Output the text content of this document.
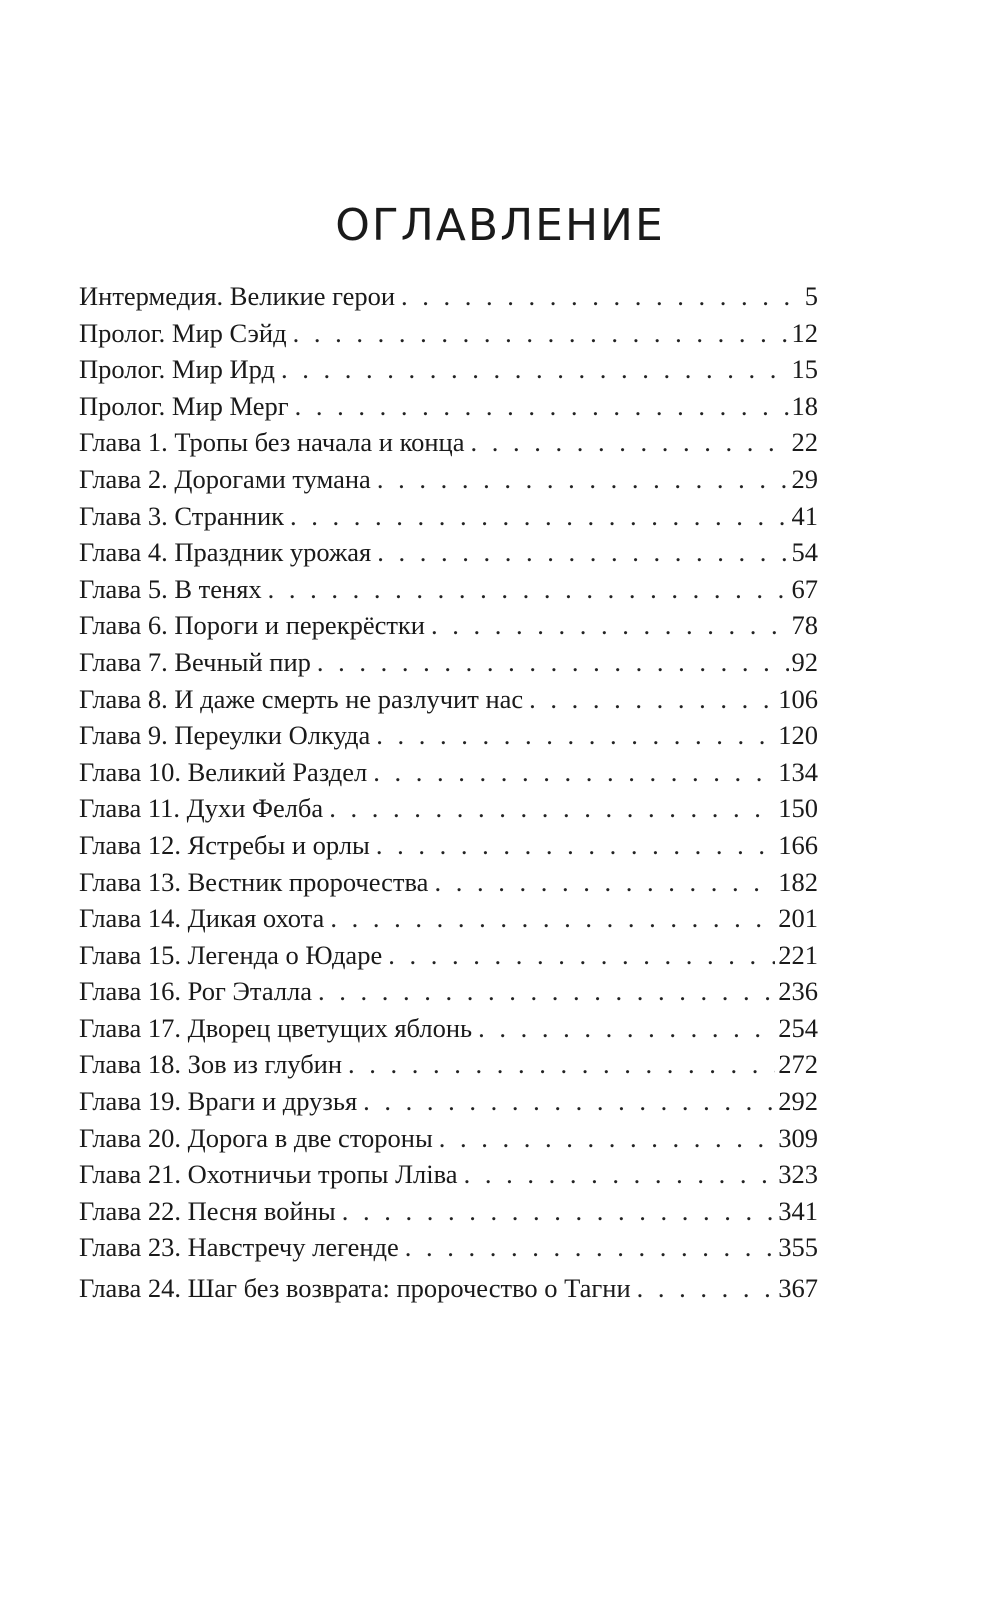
ОГЛАВЛЕНИЕ
Интермедия. Великие герои . . .	5
Пролог. Мир Сэйд . . .	12
Пролог. Мир Ирд . . .	15
Пролог. Мир Мерг . . .	18
Глава 1. Тропы без начала и конца . . .	22
Глава 2. Дорогами тумана . . .	29
Глава 3. Странник . . .	41
Глава 4. Праздник урожая . . .	54
Глава 5. В тенях . . .	67
Глава 6. Пороги и перекрёстки . . .	78
Глава 7. Вечный пир . . .	92
Глава 8. И даже смерть не разлучит нас . . .	106
Глава 9. Переулки Олкуда . . .	120
Глава 10. Великий Раздел . . .	134
Глава 11. Духи Фелба . . .	150
Глава 12. Ястребы и орлы . . .	166
Глава 13. Вестник пророчества . . .	182
Глава 14. Дикая охота . . .	201
Глава 15. Легенда о Юдаре . . .	221
Глава 16. Рог Эталла . . .	236
Глава 17. Дворец цветущих яблонь . . .	254
Глава 18. Зов из глубин . . .	272
Глава 19. Враги и друзья . . .	292
Глава 20. Дорога в две стороны . . .	309
Глава 21. Охотничьи тропы Лліва . . .	323
Глава 22. Песня войны . . .	341
Глава 23. Навстречу легенде . . .	355
Глава 24. Шаг без возврата: пророчество о Тагни . . .	367
